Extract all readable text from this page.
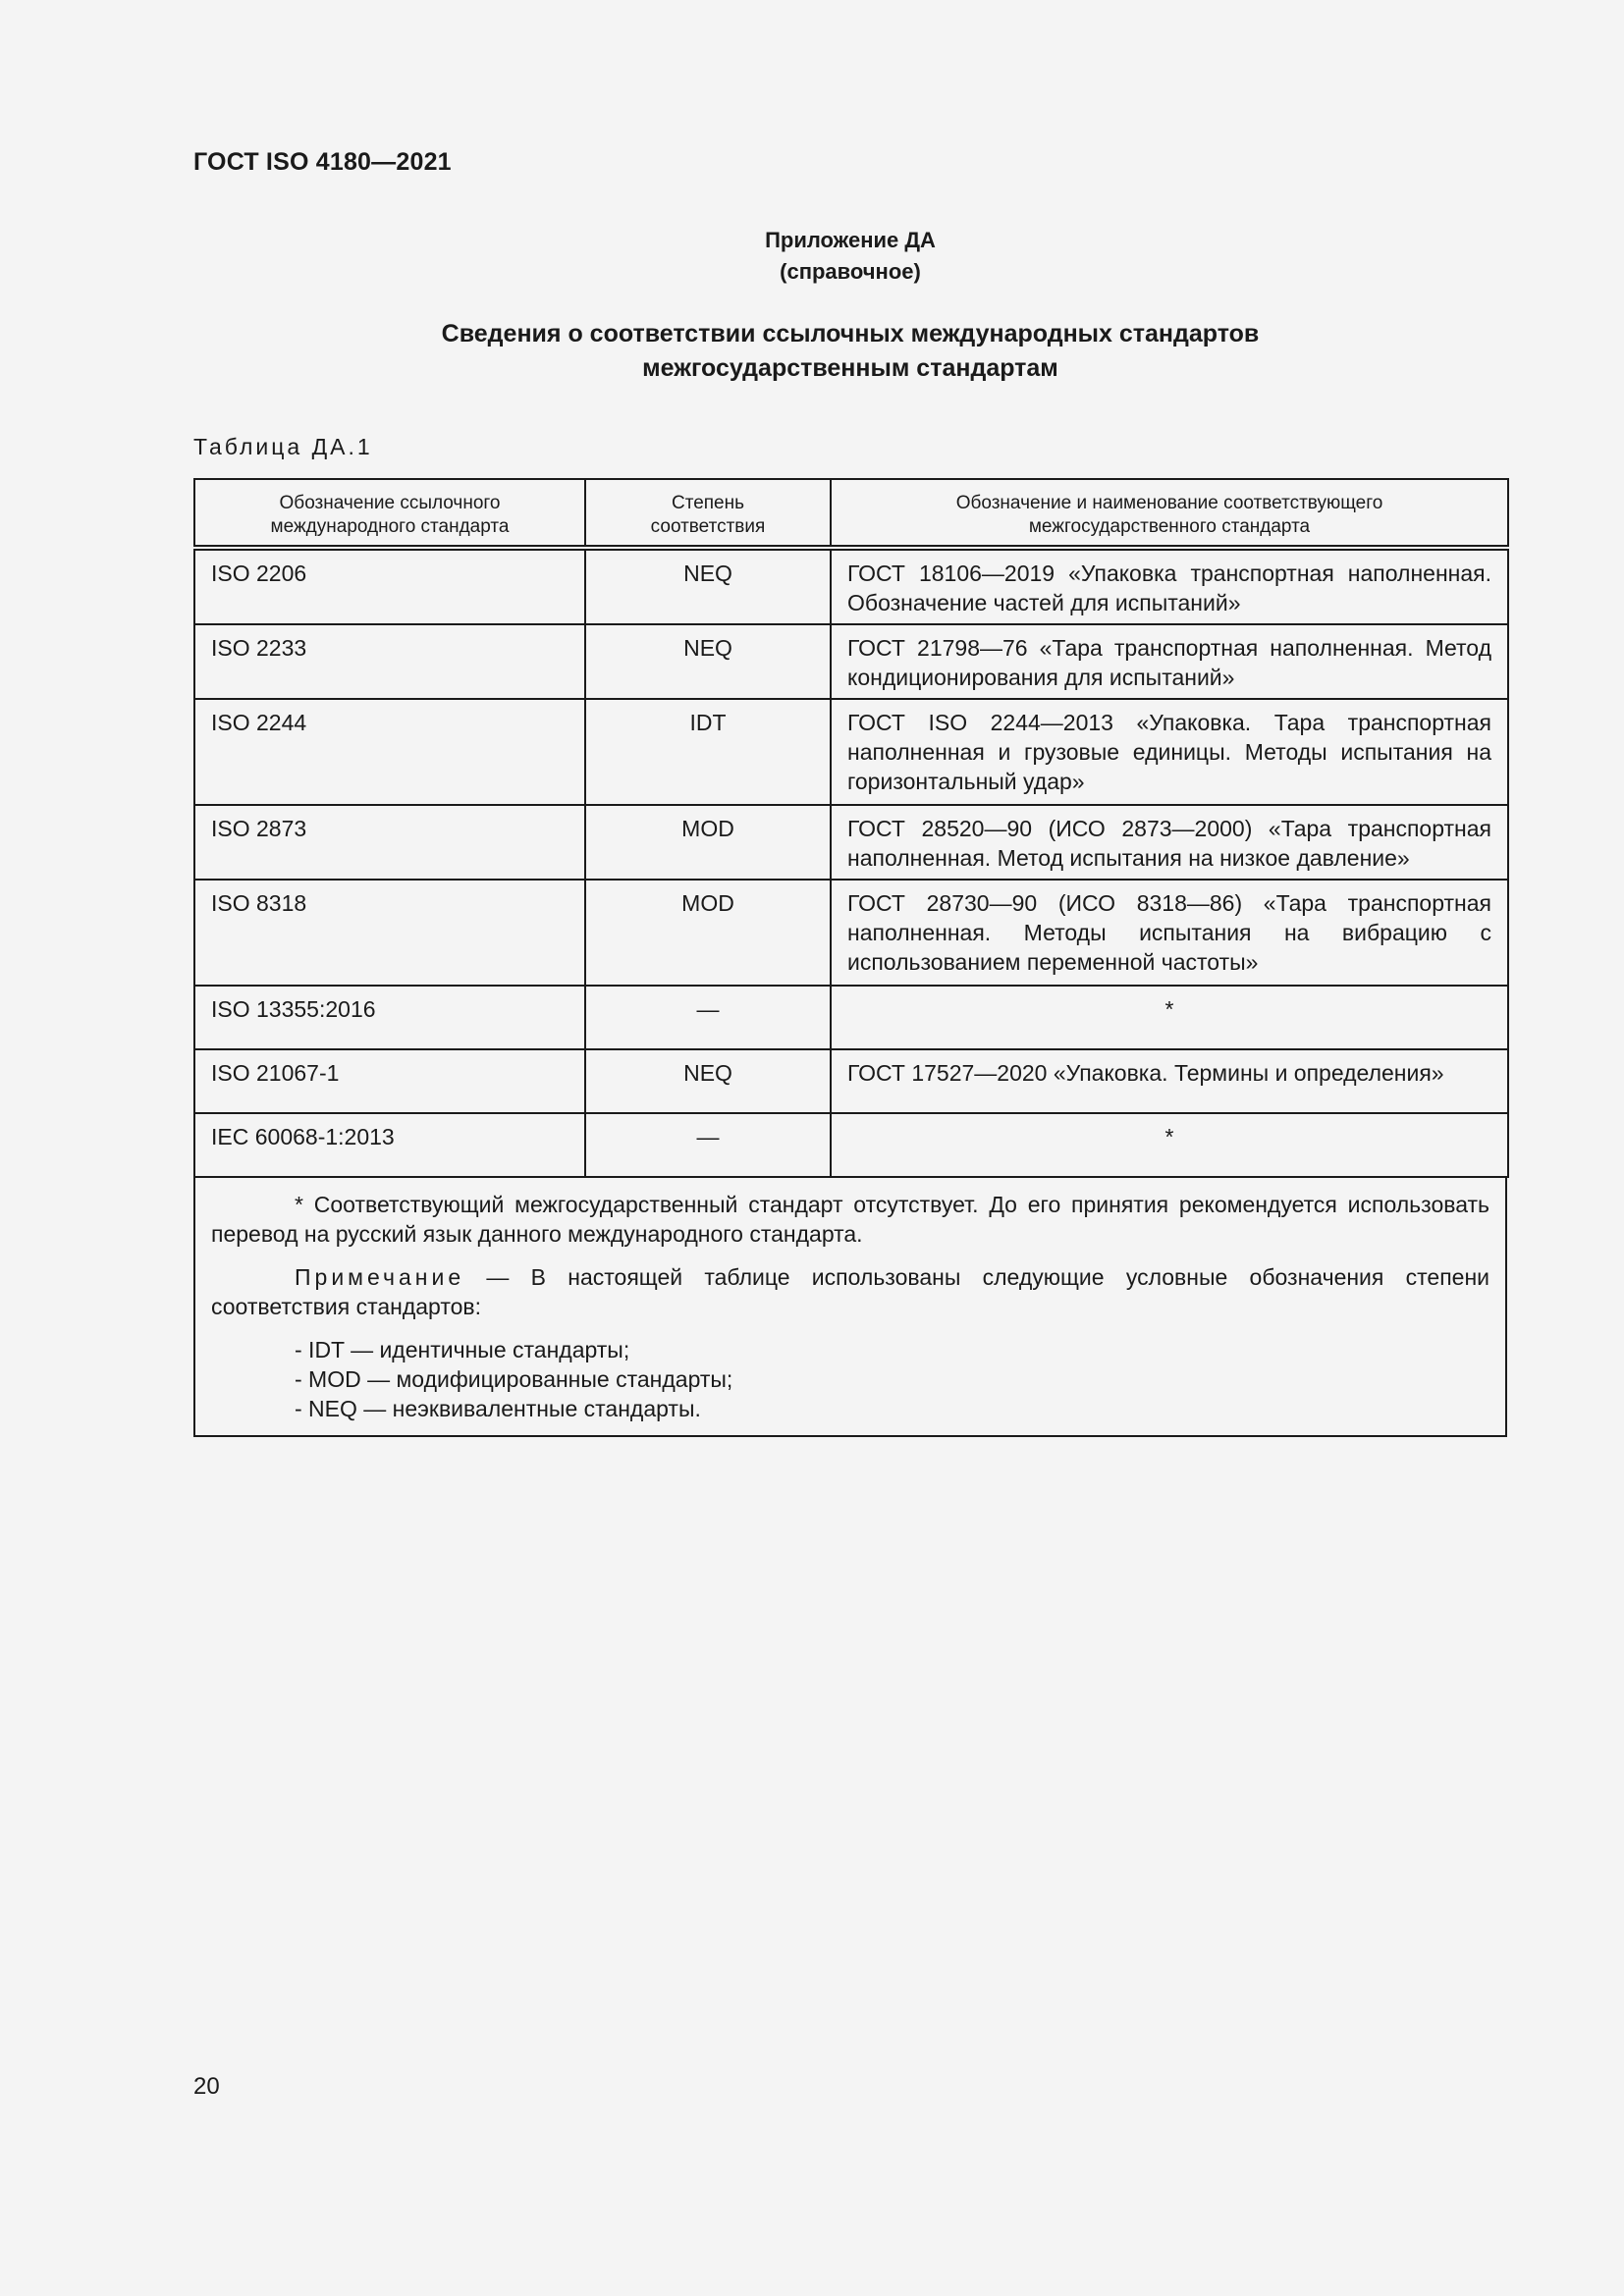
ГОСТ ISO 4180—2021
Приложение ДА
(справочное)
Сведения о соответствии ссылочных международных стандартов
межгосударственным стандартам
Таблица ДА.1
Обозначение ссылочного международного стандарта	Степень соответствия	Обозначение и наименование соответствующего межгосударственного стандарта
ISO 2206	NEQ	ГОСТ 18106—2019 «Упаковка транспортная наполненная. Обозначение частей для испытаний»
ISO 2233	NEQ	ГОСТ 21798—76 «Тара транспортная наполненная. Метод кондиционирования для испытаний»
ISO 2244	IDT	ГОСТ ISO 2244—2013 «Упаковка. Тара транспортная наполненная и грузовые единицы. Методы испытания на горизонтальный удар»
ISO 2873	MOD	ГОСТ 28520—90 (ИСО 2873—2000) «Тара транспортная наполненная. Метод испытания на низкое давление»
ISO 8318	MOD	ГОСТ 28730—90 (ИСО 8318—86) «Тара транспортная наполненная. Методы испытания на вибрацию с использованием переменной частоты»
ISO 13355:2016	—	*
ISO 21067-1	NEQ	ГОСТ 17527—2020 «Упаковка. Термины и определения»
IEC 60068-1:2013	—	*

* Соответствующий межгосударственный стандарт отсутствует. До его принятия рекомендуется использовать перевод на русский язык данного международного стандарта.

Примечание — В настоящей таблице использованы следующие условные обозначения степени соответствия стандартов:

- IDT — идентичные стандарты;
- MOD — модифицированные стандарты;
- NEQ — неэквивалентные стандарты.
20
